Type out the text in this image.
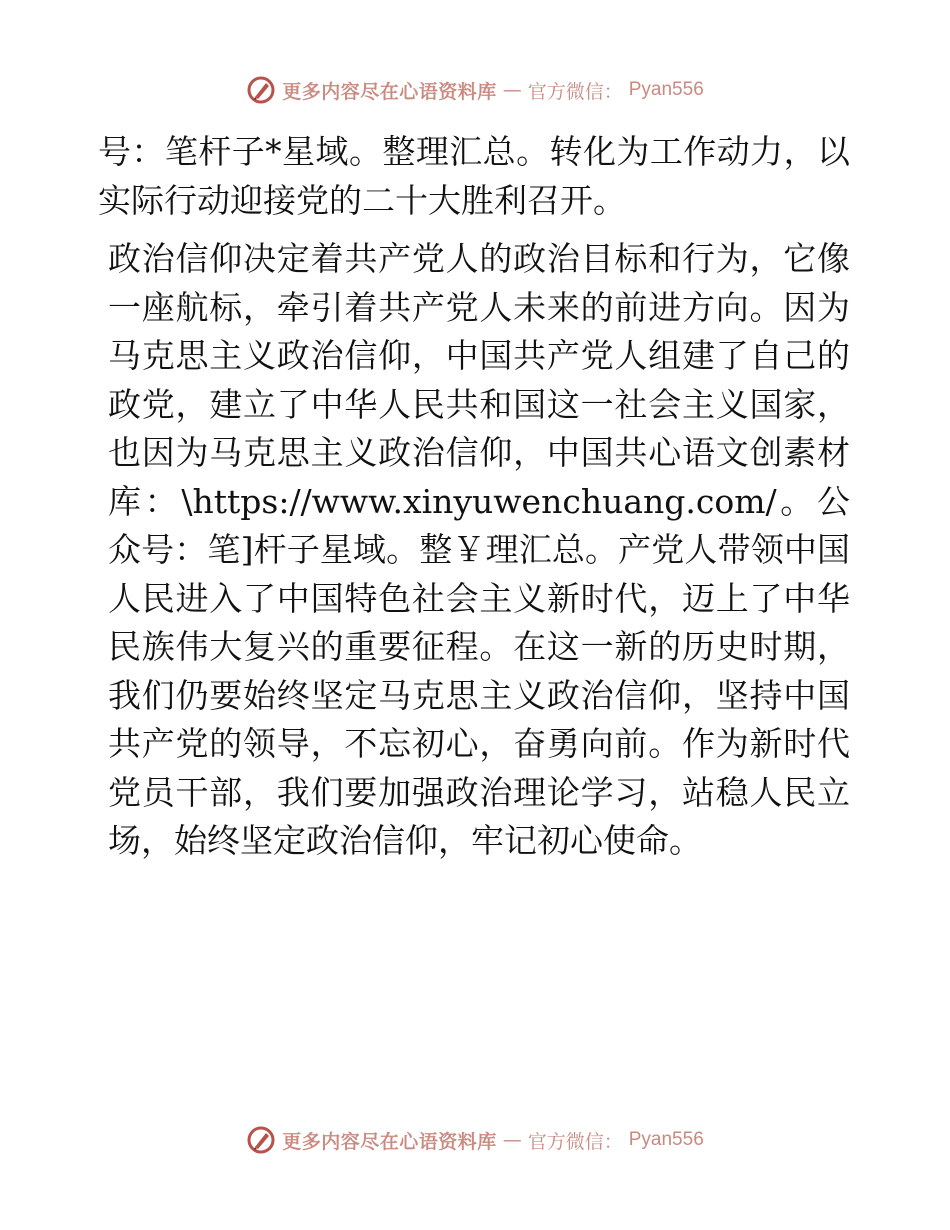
更多内容尽在心语资料库 — 官方微信： Pyan556

号：笔杆子*星域。整理汇总。转化为工作动力，以实际行动迎接党的二十大胜利召开。

政治信仰决定着共产党人的政治目标和行为，它像一座航标，牵引着共产党人未来的前进方向。因为马克思主义政治信仰，中国共产党人组建了自己的政党，建立了中华人民共和国这一社会主义国家，也因为马克思主义政治信仰，中国共心语文创素材库：\https://www.xinyuwenchuang.com/。公众号：笔]杆子星域。整￥理汇总。产党人带领中国人民进入了中国特色社会主义新时代，迈上了中华民族伟大复兴的重要征程。在这一新的历史时期，我们仍要始终坚定马克思主义政治信仰，坚持中国共产党的领导，不忘初心，奋勇向前。作为新时代党员干部，我们要加强政治理论学习，站稳人民立场，始终坚定政治信仰，牢记初心使命。

更多内容尽在心语资料库 — 官方微信： Pyan556
